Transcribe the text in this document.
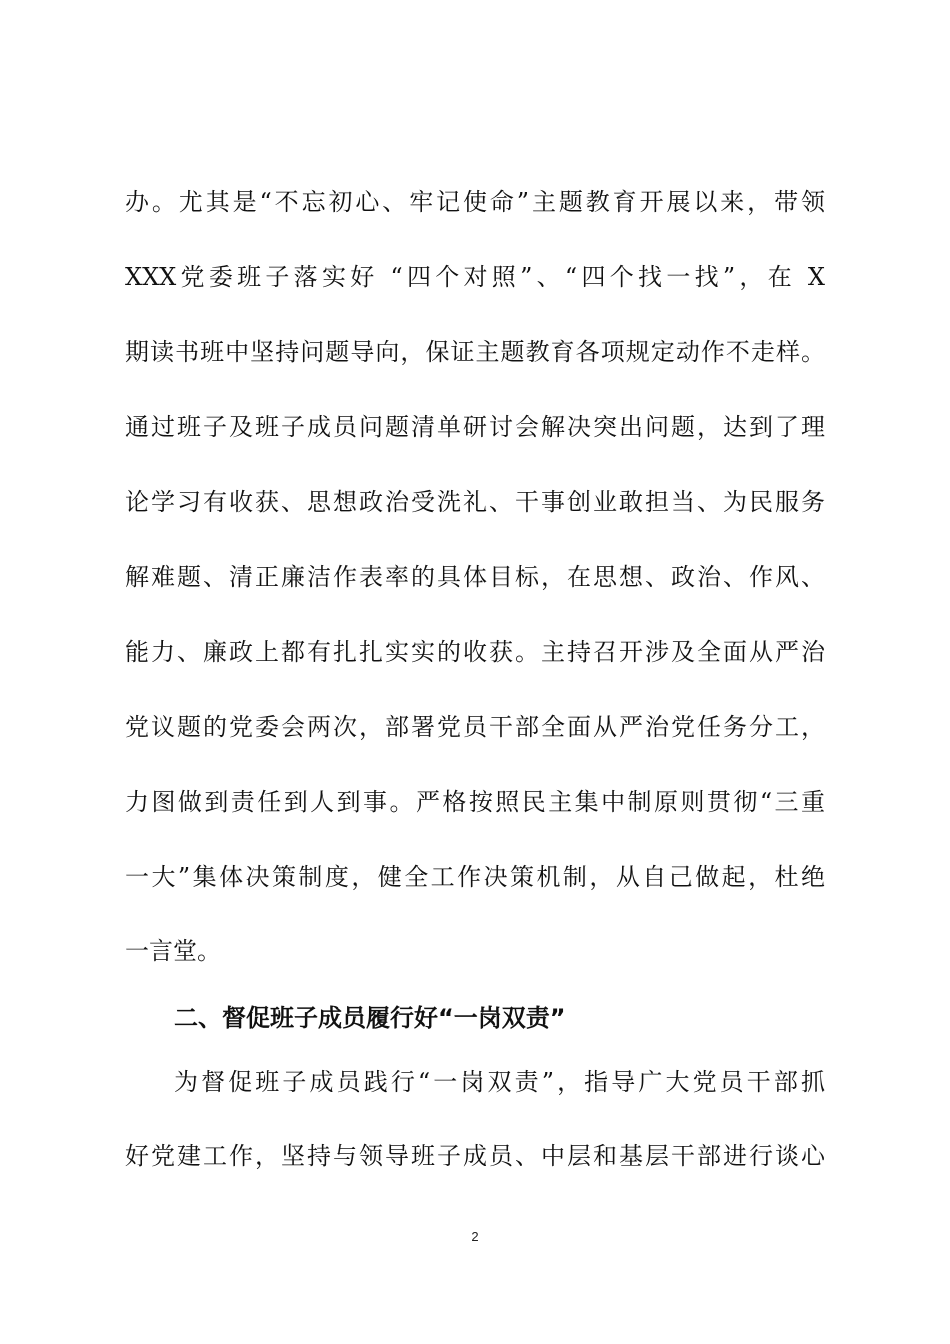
办。尤其是“不忘初心、牢记使命”主题教育开展以来，带领
XXX党委班子落实好 “四个对照”、“四个找一找”，在 X
期读书班中坚持问题导向，保证主题教育各项规定动作不走样。
通过班子及班子成员问题清单研讨会解决突出问题，达到了理
论学习有收获、思想政治受洗礼、干事创业敢担当、为民服务
解难题、清正廉洁作表率的具体目标，在思想、政治、作风、
能力、廉政上都有扎扎实实的收获。主持召开涉及全面从严治
党议题的党委会两次，部署党员干部全面从严治党任务分工，
力图做到责任到人到事。严格按照民主集中制原则贯彻“三重
一大”集体决策制度，健全工作决策机制，从自己做起，杜绝
一言堂。
二、督促班子成员履行好“一岗双责”
为督促班子成员践行“一岗双责”，指导广大党员干部抓
好党建工作，坚持与领导班子成员、中层和基层干部进行谈心
2
